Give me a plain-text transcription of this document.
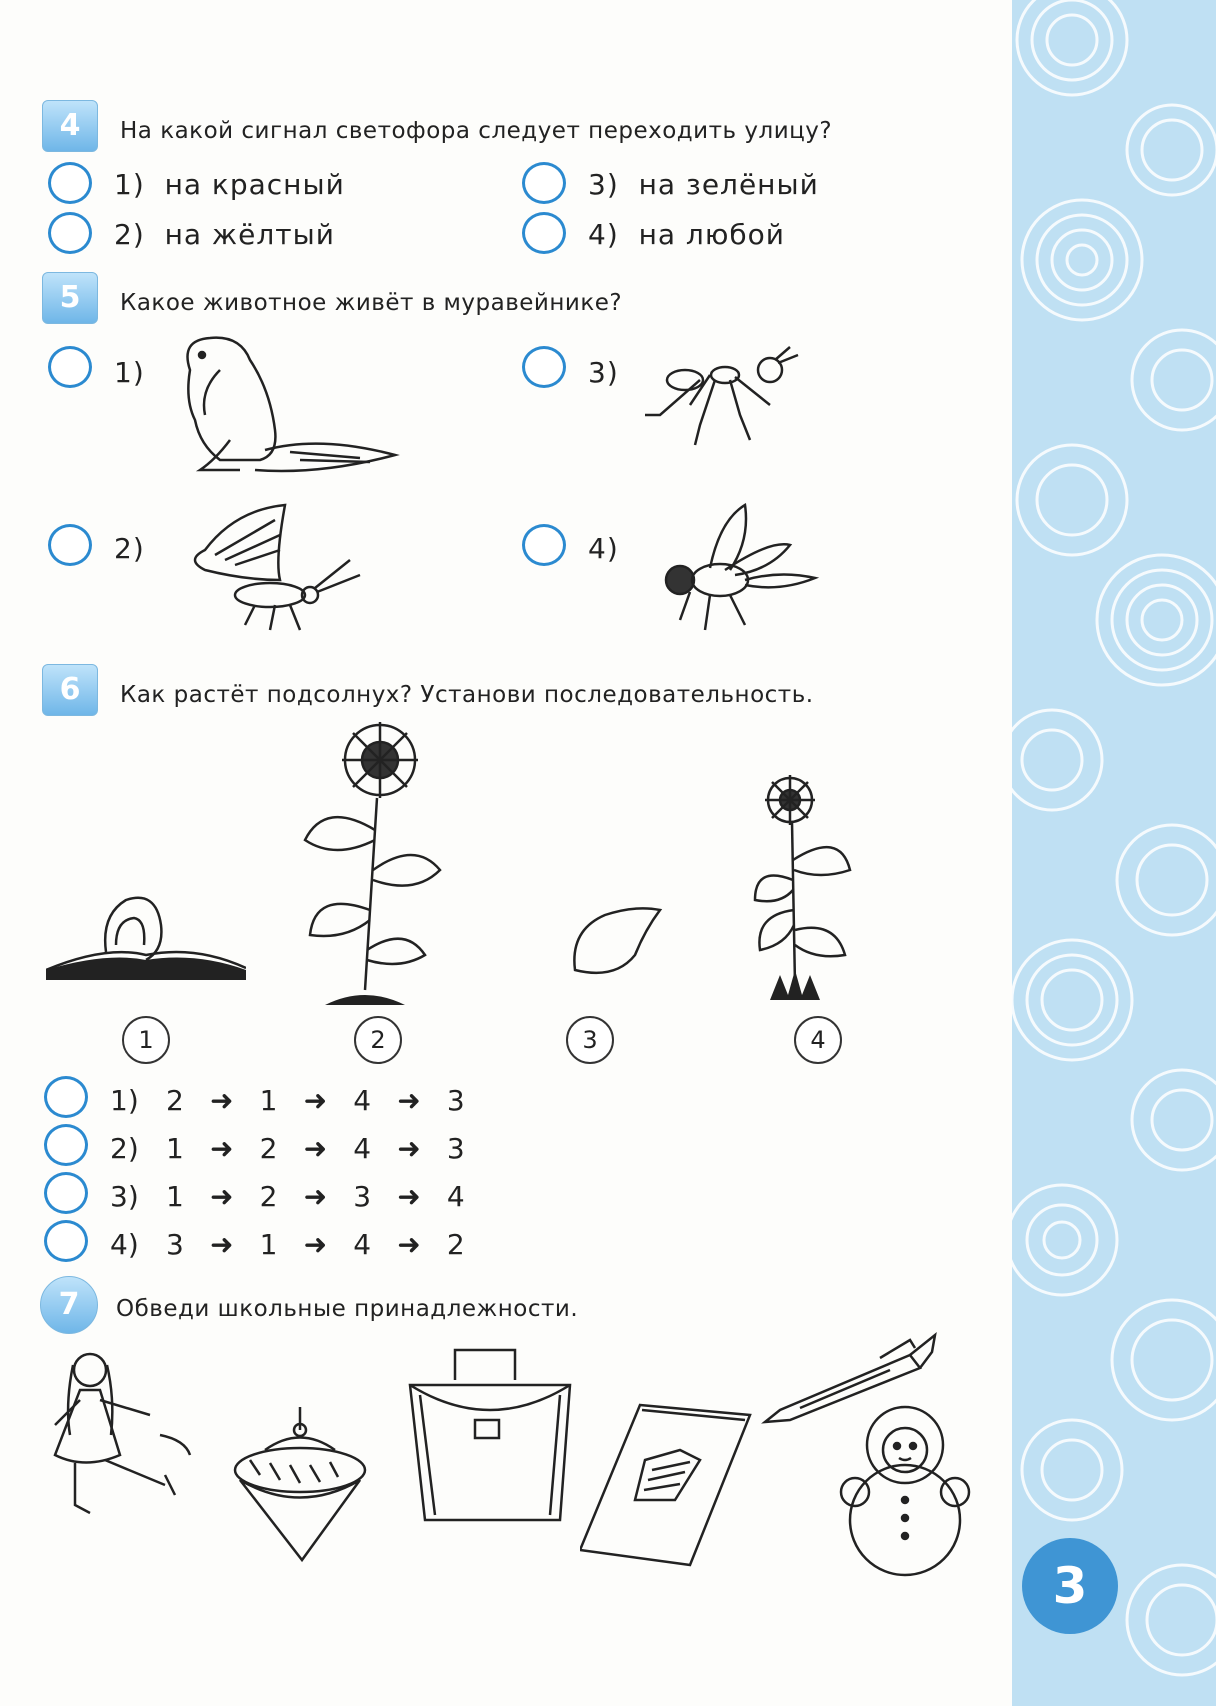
3
4	На какой сигнал светофора следует переходить улицу?
1) на красный
2) на жёлтый
3) на зелёный
4) на любой
5	Какое животное живёт в муравейнике?
1)	3)
2)	4)
6	Как растёт подсолнух? Установи последовательность.
1	2	3	4
1) 2 ➜ 1 ➜ 4 ➜ 3
2) 1 ➜ 2 ➜ 4 ➜ 3
3) 1 ➜ 2 ➜ 3 ➜ 4
4) 3 ➜ 1 ➜ 4 ➜ 2
7	Обведи школьные принадлежности.
